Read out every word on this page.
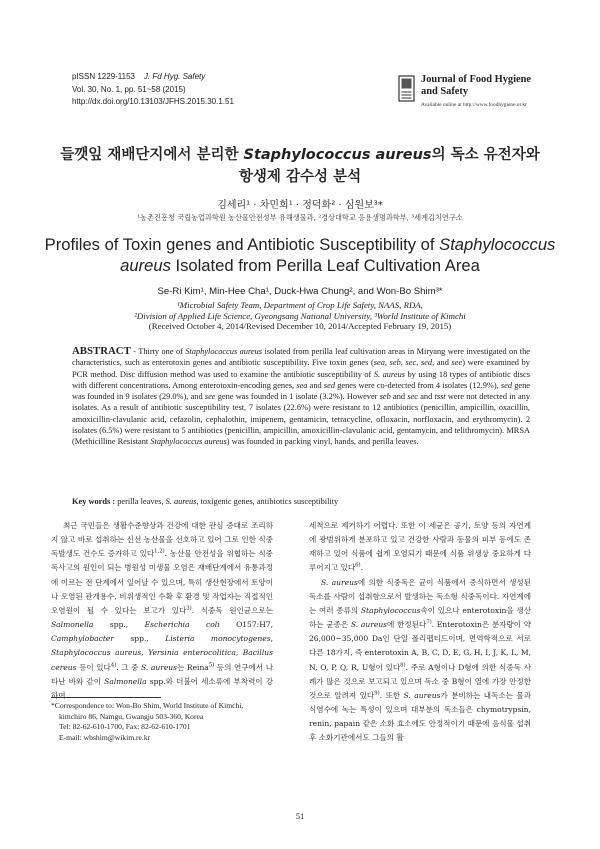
pISSN 1229-1153 J. Fd Hyg. Safety
Vol. 30, No. 1, pp. 51~58 (2015)
http://dx.doi.org/10.13103/JFHS.2015.30.1.51
Journal of Food Hygiene
and Safety
Available online at http://www.foodhygiene.or.kr
들깻잎 재배단지에서 분리한 Staphylococcus aureus의 독소 유전자와
항생제 감수성 분석
김세리¹ · 차민희¹ · 정덕화² · 심원보³*
¹농촌진흥청 국립농업과학원 농산물안전성부 유해생물과, ²경상대학교 응용생명과학부, ³세계김치연구소
Profiles of Toxin genes and Antibiotic Susceptibility of Staphylococcus
aureus Isolated from Perilla Leaf Cultivation Area
Se-Ri Kim¹, Min-Hee Cha¹, Duck-Hwa Chung², and Won-Bo Shim³*
¹Microbial Safety Team, Department of Crop Life Safety, NAAS, RDA,
²Division of Applied Life Science, Gyeongsang National University, ³World Institute of Kimchi
(Received October 4, 2014/Revised December 10, 2014/Accepted February 19, 2015)
ABSTRACT - Thirty one of Staphylococcus aureus isolated from perilla leaf cultivation areas in Miryang were investigated on the characteristics, such as enterotoxin genes and antibiotic susceptibility. Five toxin genes (sea, seb, sec, sed, and see) were examined by PCR method. Disc diffusion method was used to examine the antibiotic susceptibility of S. aureus by using 18 types of antibiotic discs with different concentrations. Among enterotoxin-encoding genes, sea and sed genes were co-detected from 4 isolates (12.9%), sed gene was founded in 9 isolates (29.0%), and see gene was founded in 1 isolate (3.2%). However seb and sec and tsst were not detected in any isolates. As a result of antibiotic susceptibility test, 7 isolates (22.6%) were resistant to 12 antibiotics (penicillin, ampicillin, oxacillin, amoxicillin-clavulanic acid, cefazolin, cephalothin, imipenem, gentamicin, tetracycline, ofloxacin, norfloxacin, and erythromycin). 2 isolates (6.5%) were resistant to 5 antibiotics (penicillin, ampicillin, amoxicillin-clavulanic acid, gentamycin, and telithromycin). MRSA (Methicilline Resistant Staphylococcus aureus) was founded in packing vinyl, hands, and perilla leaves.
Key words : perilla leaves, S. aureus, toxigenic genes, antibiotics susceptibility

최근 국민들은 생활수준향상과 건강에 대한 관심 증대로 조리하지 않고 바로 섭취하는 신선 농산물을 선호하고 있어 그로 인한 식중독발생도 건수도 증가하고 있다$^{1,2)}$. 농산물 안전성을 위협하는 식중독사고의 원인이 되는 병원성 미생물 오염은 재배단계에서 유통과정에 이르는 전 단계에서 일어날 수 있으며, 특히 생산현장에서 토양이나 오염된 관개용수, 비위생적인 수확 후 환경 및 작업자는 직접적인 오염원이 될 수 있다는 보고가 있다$^{3)}$. 식중독 원인균으로는 Salmonella spp., Escherichia coli O157:H7, Camphylobacter spp., Listeria monocytogenes, Staphylococcus aureus, Yersinia enterocolitica, Bacillus cereus 등이 있다$^{4)}$. 그 중 S. aureus는 Reina$^{5)}$ 등의 연구에서 나타난 바와 같이 Salmonella spp.와 더불어 세소류에 부착력이 강하여

*Correspondence to: Won-Bo Shim, World Institute of Kimchi,
kimchiro 86, Namgu, Gwangju 503-360, Korea
Tel: 82-62-610-1700, Fax: 82-62-610-1701
E-mail: wbshim@wikim.re.kr

세척으로 제거하기 어렵다. 또한 이 세균은 공기, 토양 등의 자연계에 광범위하게 분포하고 있고 건강한 사람과 동물의 피부 등에도 존재하고 있어 식품에 쉽게 오염되기 때문에 식품 위생상 중요하게 다루어지고 있다$^{6)}$.

S. aureus에 의한 식중독은 균이 식품에서 증식하면서 생성된 독소를 사람이 섭취함으로서 발생하는 독소형 식중독이다. 자연계에는 여러 종류의 Staphylococcus속이 있으나 enterotoxin을 생산하는 균종은 S. aureus에 한정된다$^{7)}$. Enterotoxin은 분자량이 약 26,000~35,000 Da인 단일 폴리펩티드이며, 면역학적으로 서로 다른 18가지, 즉 enterotoxin A, B, C, D, E, G, H, I, J, K, L, M, N, O, P, Q, R, U형이 있다$^{8)}$. 주로 A형이나 D형에 의한 식중독 사례가 많은 것으로 보고되고 있으며 독소 중 B형이 열에 가장 안정한 것으로 알려져 있다$^{9)}$. 또한 S. aureus가 분비하는 내독소는 물과 식염수에 녹는 특성이 있으며 대부분의 독소들은 chymotrypsin, renin, papain 같은 소화 효소에도 안정적이기 때문에 음식물 섭취 후 소화기관에서도 그들의 활

51
